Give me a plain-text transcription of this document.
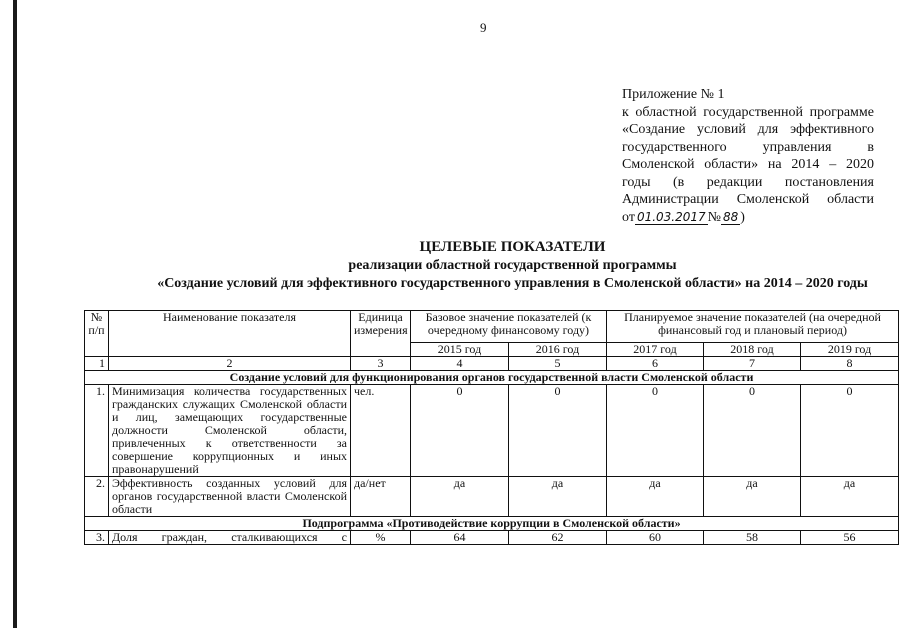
9
Приложение № 1
к областной государственной программе «Создание условий для эффективного государственного управления в Смоленской области» на 2014 – 2020 годы (в редакции постановления Администрации Смоленской области от 01.03.2017 № 88 )
ЦЕЛЕВЫЕ ПОКАЗАТЕЛИ
реализации областной государственной программы
«Создание условий для эффективного государственного управления в Смоленской области» на 2014 – 2020 годы
№ п/п	Наименование показателя	Единица измерения	Базовое значение показателей (к очередному финансовому году)		Планируемое значение показателей (на очередной финансовый год и плановый период)		
			2015 год	2016 год	2017 год	2018 год	2019 год
1	2	3	4	5	6	7	8
Создание условий для функционирования органов государственной власти Смоленской области							
1.	Минимизация количества государственных гражданских служащих Смоленской области и лиц, замещающих государственные должности Смоленской области, привлеченных к ответственности за совершение коррупционных и иных правонарушений	чел.	0	0	0	0	0
2.	Эффективность созданных условий для органов государственной власти Смоленской области	да/нет	да	да	да	да	да
Подпрограмма «Противодействие коррупции в Смоленской области»							
3.	Доля граждан, сталкивающихся с	%	64	62	60	58	56
